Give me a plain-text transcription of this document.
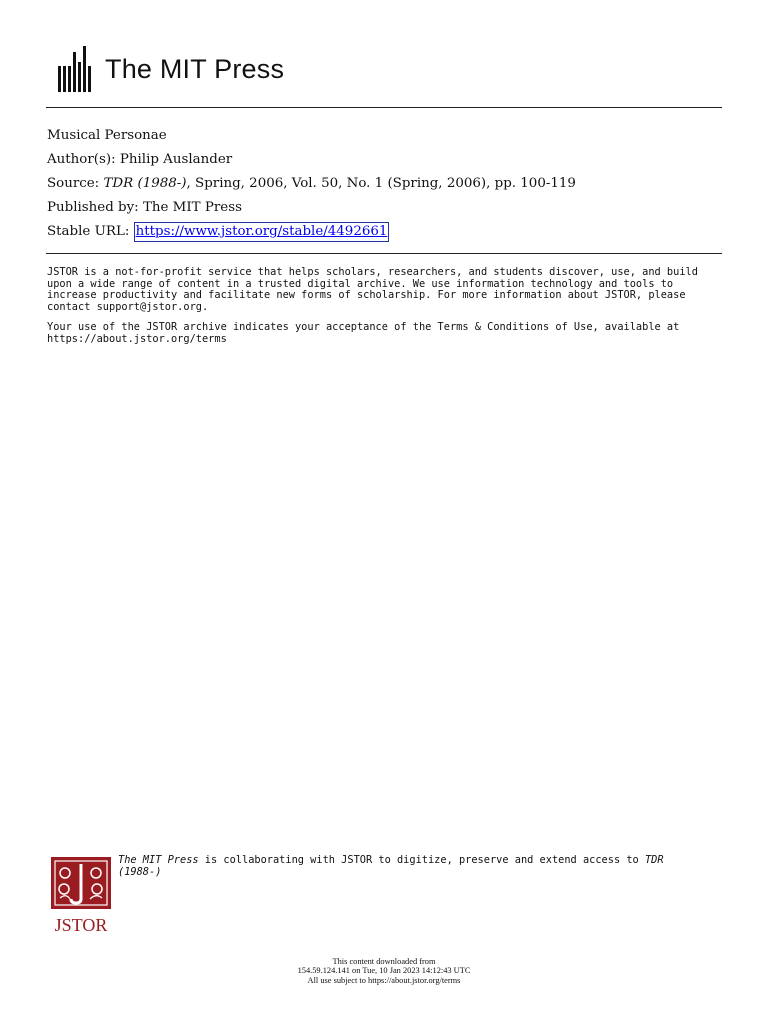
The MIT Press
Musical Personae
Author(s): Philip Auslander
Source: TDR (1988-), Spring, 2006, Vol. 50, No. 1 (Spring, 2006), pp. 100-119
Published by: The MIT Press
Stable URL: https://www.jstor.org/stable/4492661

JSTOR is a not-for-profit service that helps scholars, researchers, and students discover, use, and build upon a wide range of content in a trusted digital archive. We use information technology and tools to increase productivity and facilitate new forms of scholarship. For more information about JSTOR, please contact support@jstor.org.

Your use of the JSTOR archive indicates your acceptance of the Terms & Conditions of Use, available at https://about.jstor.org/terms

JSTOR
The MIT Press is collaborating with JSTOR to digitize, preserve and extend access to TDR (1988-)
This content downloaded from
154.59.124.141 on Tue, 10 Jan 2023 14:12:43 UTC
All use subject to https://about.jstor.org/terms
